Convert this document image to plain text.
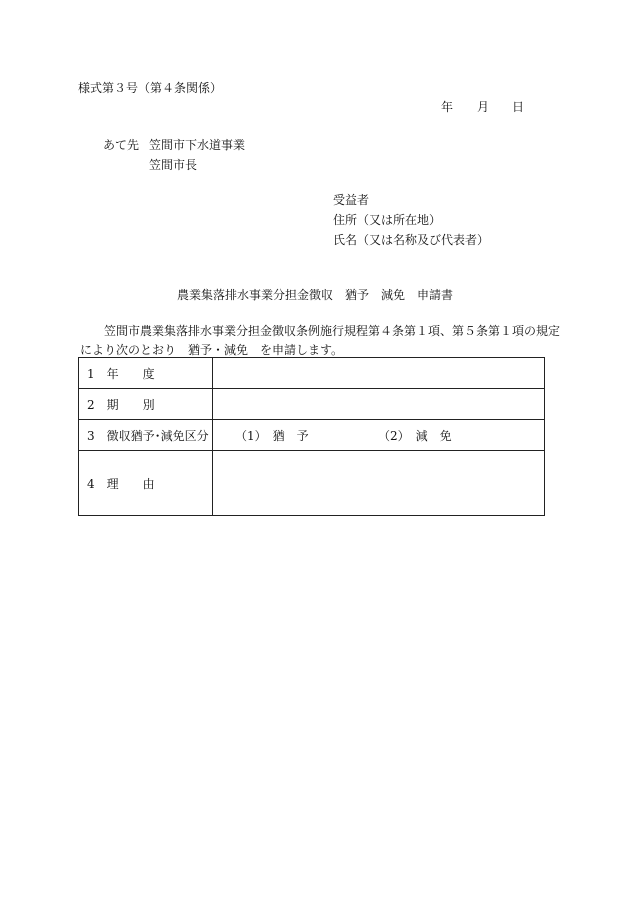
様式第３号（第４条関係）
年 月 日
あて先 笠間市下水道事業
笠間市長
受益者
住所（又は所在地）
氏名（又は名称及び代表者）
農業集落排水事業分担金徴収　猶予　減免　申請書
笠間市農業集落排水事業分担金徴収条例施行規程第４条第１項、第５条第１項の規定
により次のとおり　猶予・減免　を申請します。
1　年　　度	
2　期　　別	
3　徴収猶予･減免区分	（1）　猶　予 （2）　減　免
4　理　　由	
